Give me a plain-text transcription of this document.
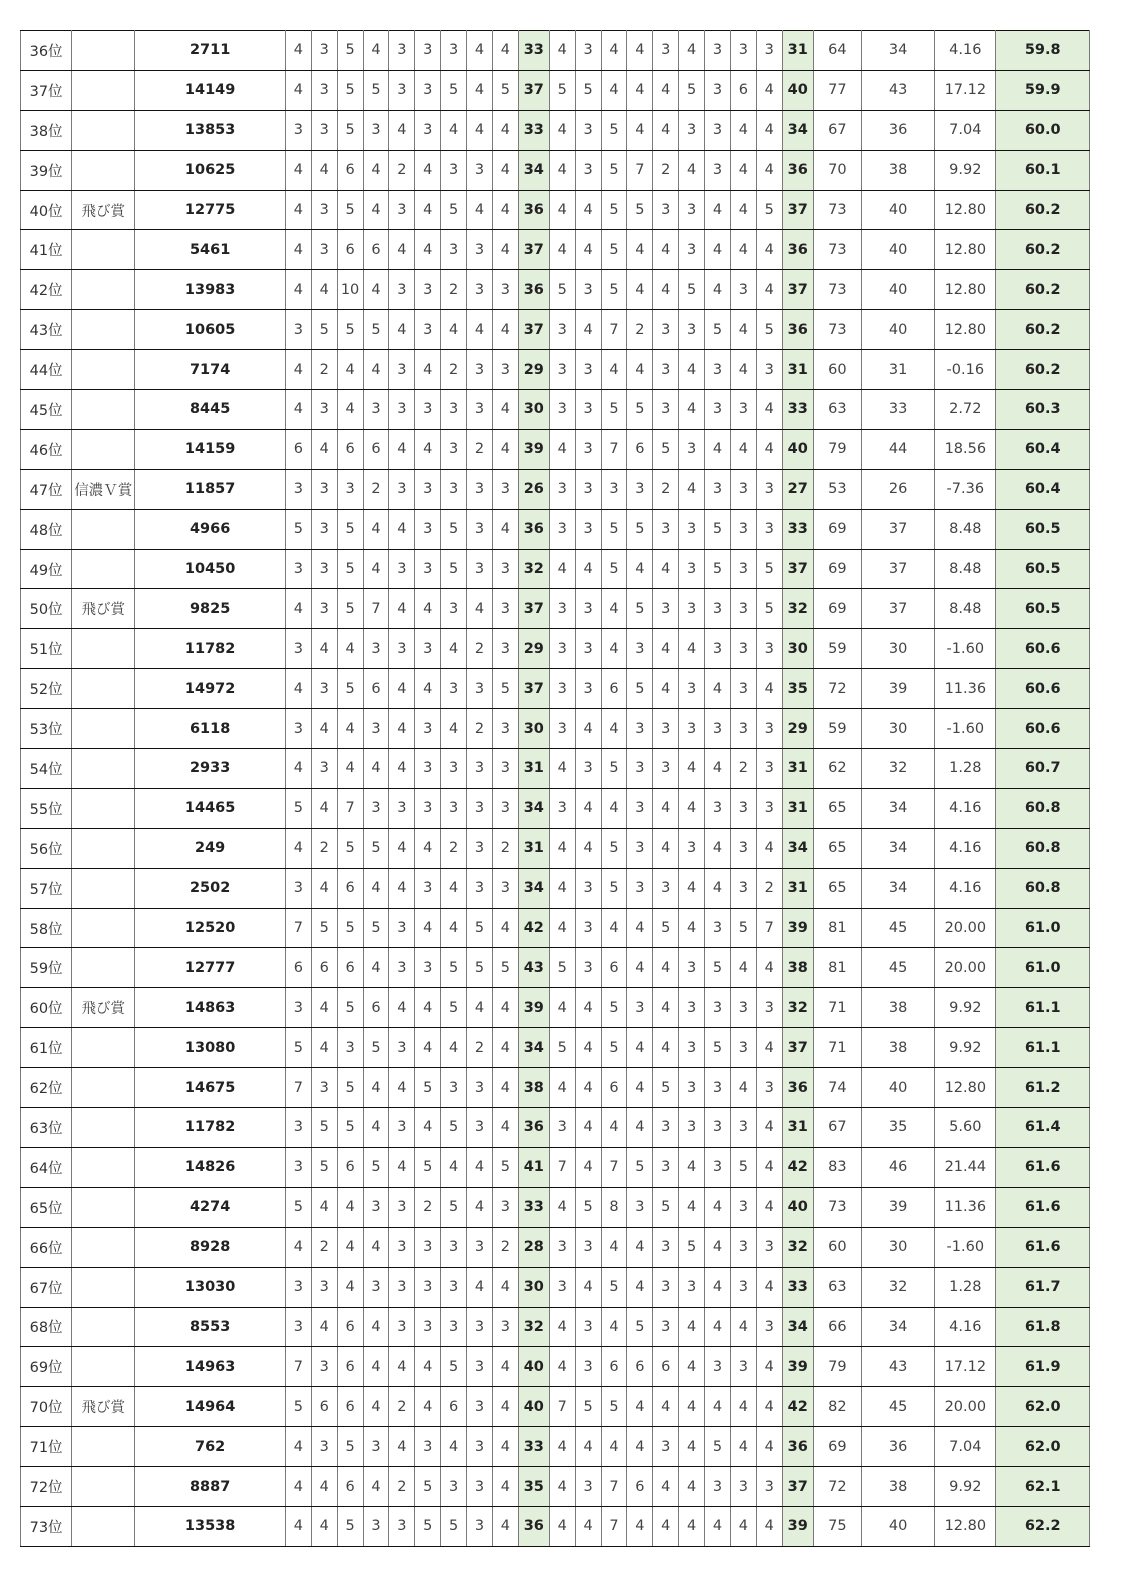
36位		2711	4	3	5	4	3	3	3	4	4	33	4	3	4	4	3	4	3	3	3	31	64	34	4.16	59.8
37位		14149	4	3	5	5	3	3	5	4	5	37	5	5	4	4	4	5	3	6	4	40	77	43	17.12	59.9
38位		13853	3	3	5	3	4	3	4	4	4	33	4	3	5	4	4	3	3	4	4	34	67	36	7.04	60.0
39位		10625	4	4	6	4	2	4	3	3	4	34	4	3	5	7	2	4	3	4	4	36	70	38	9.92	60.1
40位	飛び賞	12775	4	3	5	4	3	4	5	4	4	36	4	4	5	5	3	3	4	4	5	37	73	40	12.80	60.2
41位		5461	4	3	6	6	4	4	3	3	4	37	4	4	5	4	4	3	4	4	4	36	73	40	12.80	60.2
42位		13983	4	4	10	4	3	3	2	3	3	36	5	3	5	4	4	5	4	3	4	37	73	40	12.80	60.2
43位		10605	3	5	5	5	4	3	4	4	4	37	3	4	7	2	3	3	5	4	5	36	73	40	12.80	60.2
44位		7174	4	2	4	4	3	4	2	3	3	29	3	3	4	4	3	4	3	4	3	31	60	31	-0.16	60.2
45位		8445	4	3	4	3	3	3	3	3	4	30	3	3	5	5	3	4	3	3	4	33	63	33	2.72	60.3
46位		14159	6	4	6	6	4	4	3	2	4	39	4	3	7	6	5	3	4	4	4	40	79	44	18.56	60.4
47位	信濃Ｖ賞	11857	3	3	3	2	3	3	3	3	3	26	3	3	3	3	2	4	3	3	3	27	53	26	-7.36	60.4
48位		4966	5	3	5	4	4	3	5	3	4	36	3	3	5	5	3	3	5	3	3	33	69	37	8.48	60.5
49位		10450	3	3	5	4	3	3	5	3	3	32	4	4	5	4	4	3	5	3	5	37	69	37	8.48	60.5
50位	飛び賞	9825	4	3	5	7	4	4	3	4	3	37	3	3	4	5	3	3	3	3	5	32	69	37	8.48	60.5
51位		11782	3	4	4	3	3	3	4	2	3	29	3	3	4	3	4	4	3	3	3	30	59	30	-1.60	60.6
52位		14972	4	3	5	6	4	4	3	3	5	37	3	3	6	5	4	3	4	3	4	35	72	39	11.36	60.6
53位		6118	3	4	4	3	4	3	4	2	3	30	3	4	4	3	3	3	3	3	3	29	59	30	-1.60	60.6
54位		2933	4	3	4	4	4	3	3	3	3	31	4	3	5	3	3	4	4	2	3	31	62	32	1.28	60.7
55位		14465	5	4	7	3	3	3	3	3	3	34	3	4	4	3	4	4	3	3	3	31	65	34	4.16	60.8
56位		249	4	2	5	5	4	4	2	3	2	31	4	4	5	3	4	3	4	3	4	34	65	34	4.16	60.8
57位		2502	3	4	6	4	4	3	4	3	3	34	4	3	5	3	3	4	4	3	2	31	65	34	4.16	60.8
58位		12520	7	5	5	5	3	4	4	5	4	42	4	3	4	4	5	4	3	5	7	39	81	45	20.00	61.0
59位		12777	6	6	6	4	3	3	5	5	5	43	5	3	6	4	4	3	5	4	4	38	81	45	20.00	61.0
60位	飛び賞	14863	3	4	5	6	4	4	5	4	4	39	4	4	5	3	4	3	3	3	3	32	71	38	9.92	61.1
61位		13080	5	4	3	5	3	4	4	2	4	34	5	4	5	4	4	3	5	3	4	37	71	38	9.92	61.1
62位		14675	7	3	5	4	4	5	3	3	4	38	4	4	6	4	5	3	3	4	3	36	74	40	12.80	61.2
63位		11782	3	5	5	4	3	4	5	3	4	36	3	4	4	4	3	3	3	3	4	31	67	35	5.60	61.4
64位		14826	3	5	6	5	4	5	4	4	5	41	7	4	7	5	3	4	3	5	4	42	83	46	21.44	61.6
65位		4274	5	4	4	3	3	2	5	4	3	33	4	5	8	3	5	4	4	3	4	40	73	39	11.36	61.6
66位		8928	4	2	4	4	3	3	3	3	2	28	3	3	4	4	3	5	4	3	3	32	60	30	-1.60	61.6
67位		13030	3	3	4	3	3	3	3	4	4	30	3	4	5	4	3	3	4	3	4	33	63	32	1.28	61.7
68位		8553	3	4	6	4	3	3	3	3	3	32	4	3	4	5	3	4	4	4	3	34	66	34	4.16	61.8
69位		14963	7	3	6	4	4	4	5	3	4	40	4	3	6	6	6	4	3	3	4	39	79	43	17.12	61.9
70位	飛び賞	14964	5	6	6	4	2	4	6	3	4	40	7	5	5	4	4	4	4	4	4	42	82	45	20.00	62.0
71位		762	4	3	5	3	4	3	4	3	4	33	4	4	4	4	3	4	5	4	4	36	69	36	7.04	62.0
72位		8887	4	4	6	4	2	5	3	3	4	35	4	3	7	6	4	4	3	3	3	37	72	38	9.92	62.1
73位		13538	4	4	5	3	3	5	5	3	4	36	4	4	7	4	4	4	4	4	4	39	75	40	12.80	62.2
